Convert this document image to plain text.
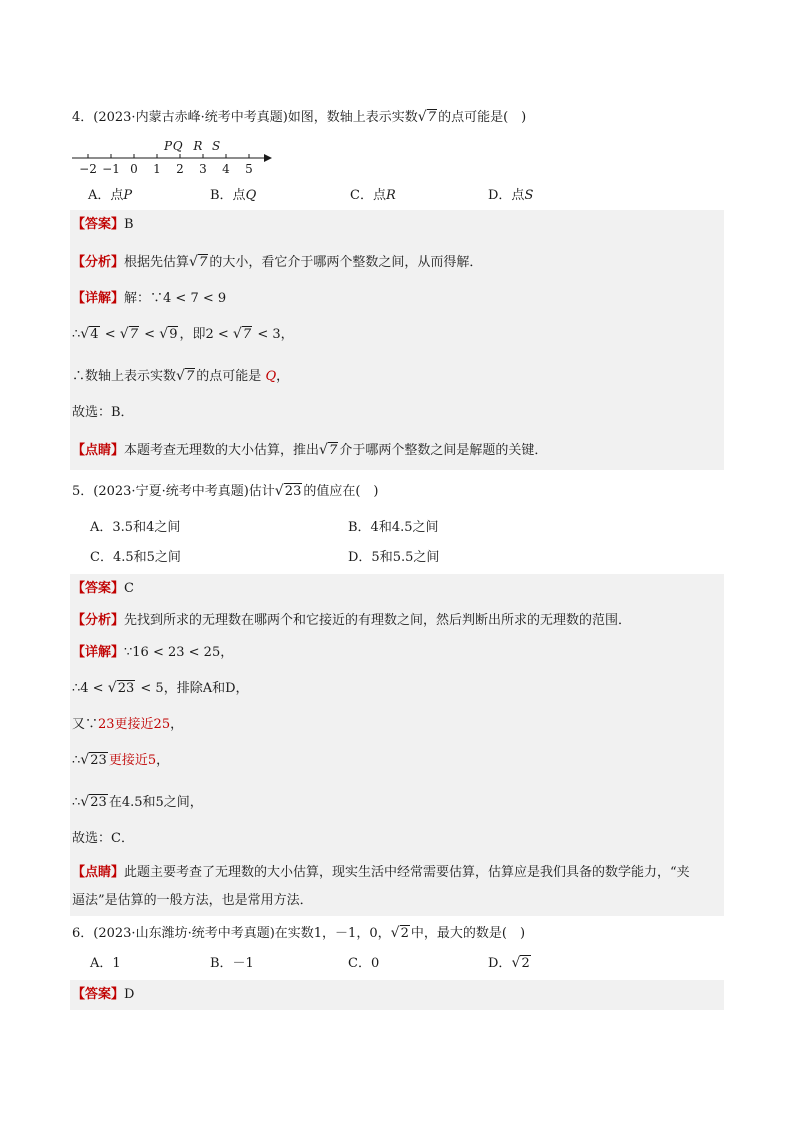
4．(2023·内蒙古赤峰·统考中考真题)如图，数轴上表示实数 √ 7 的点可能是(　)
−2 −1 0 1 2 3 4 5
P Q R S
A．点P	B．点Q	C．点R	D．点S
【答案】B
【分析】根据先估算 √ 7 的大小，看它介于哪两个整数之间，从而得解．
【详解】解：∵4 < 7 < 9
∴ √ 4 < √ 7 < √ 9 ，即2 < √ 7 < 3，
∴数轴上表示实数 √ 7 的点可能是 Q，
故选：B．
【点睛】本题考查无理数的大小估算，推出 √ 7 介于哪两个整数之间是解题的关键．
5．(2023·宁夏·统考中考真题)估计 √ 23 的值应在(　)
A．3.5和4之间	B．4和4.5之间
C．4.5和5之间	D．5和5.5之间
【答案】C
【分析】先找到所求的无理数在哪两个和它接近的有理数之间，然后判断出所求的无理数的范围．
【详解】∵16 < 23 < 25，
∴4 < √ 23 < 5，排除A和D，
又∵23更接近25，
∴ √ 23 更接近5，
∴ √ 23 在4.5和5之间，
故选：C．
【点睛】此题主要考查了无理数的大小估算，现实生活中经常需要估算，估算应是我们具备的数学能力，“夹
逼法”是估算的一般方法，也是常用方法．
6．(2023·山东潍坊·统考中考真题)在实数1，－1，0， √ 2 中，最大的数是(　)
A．1	B．－1	C．0	D． √ 2
【答案】D
